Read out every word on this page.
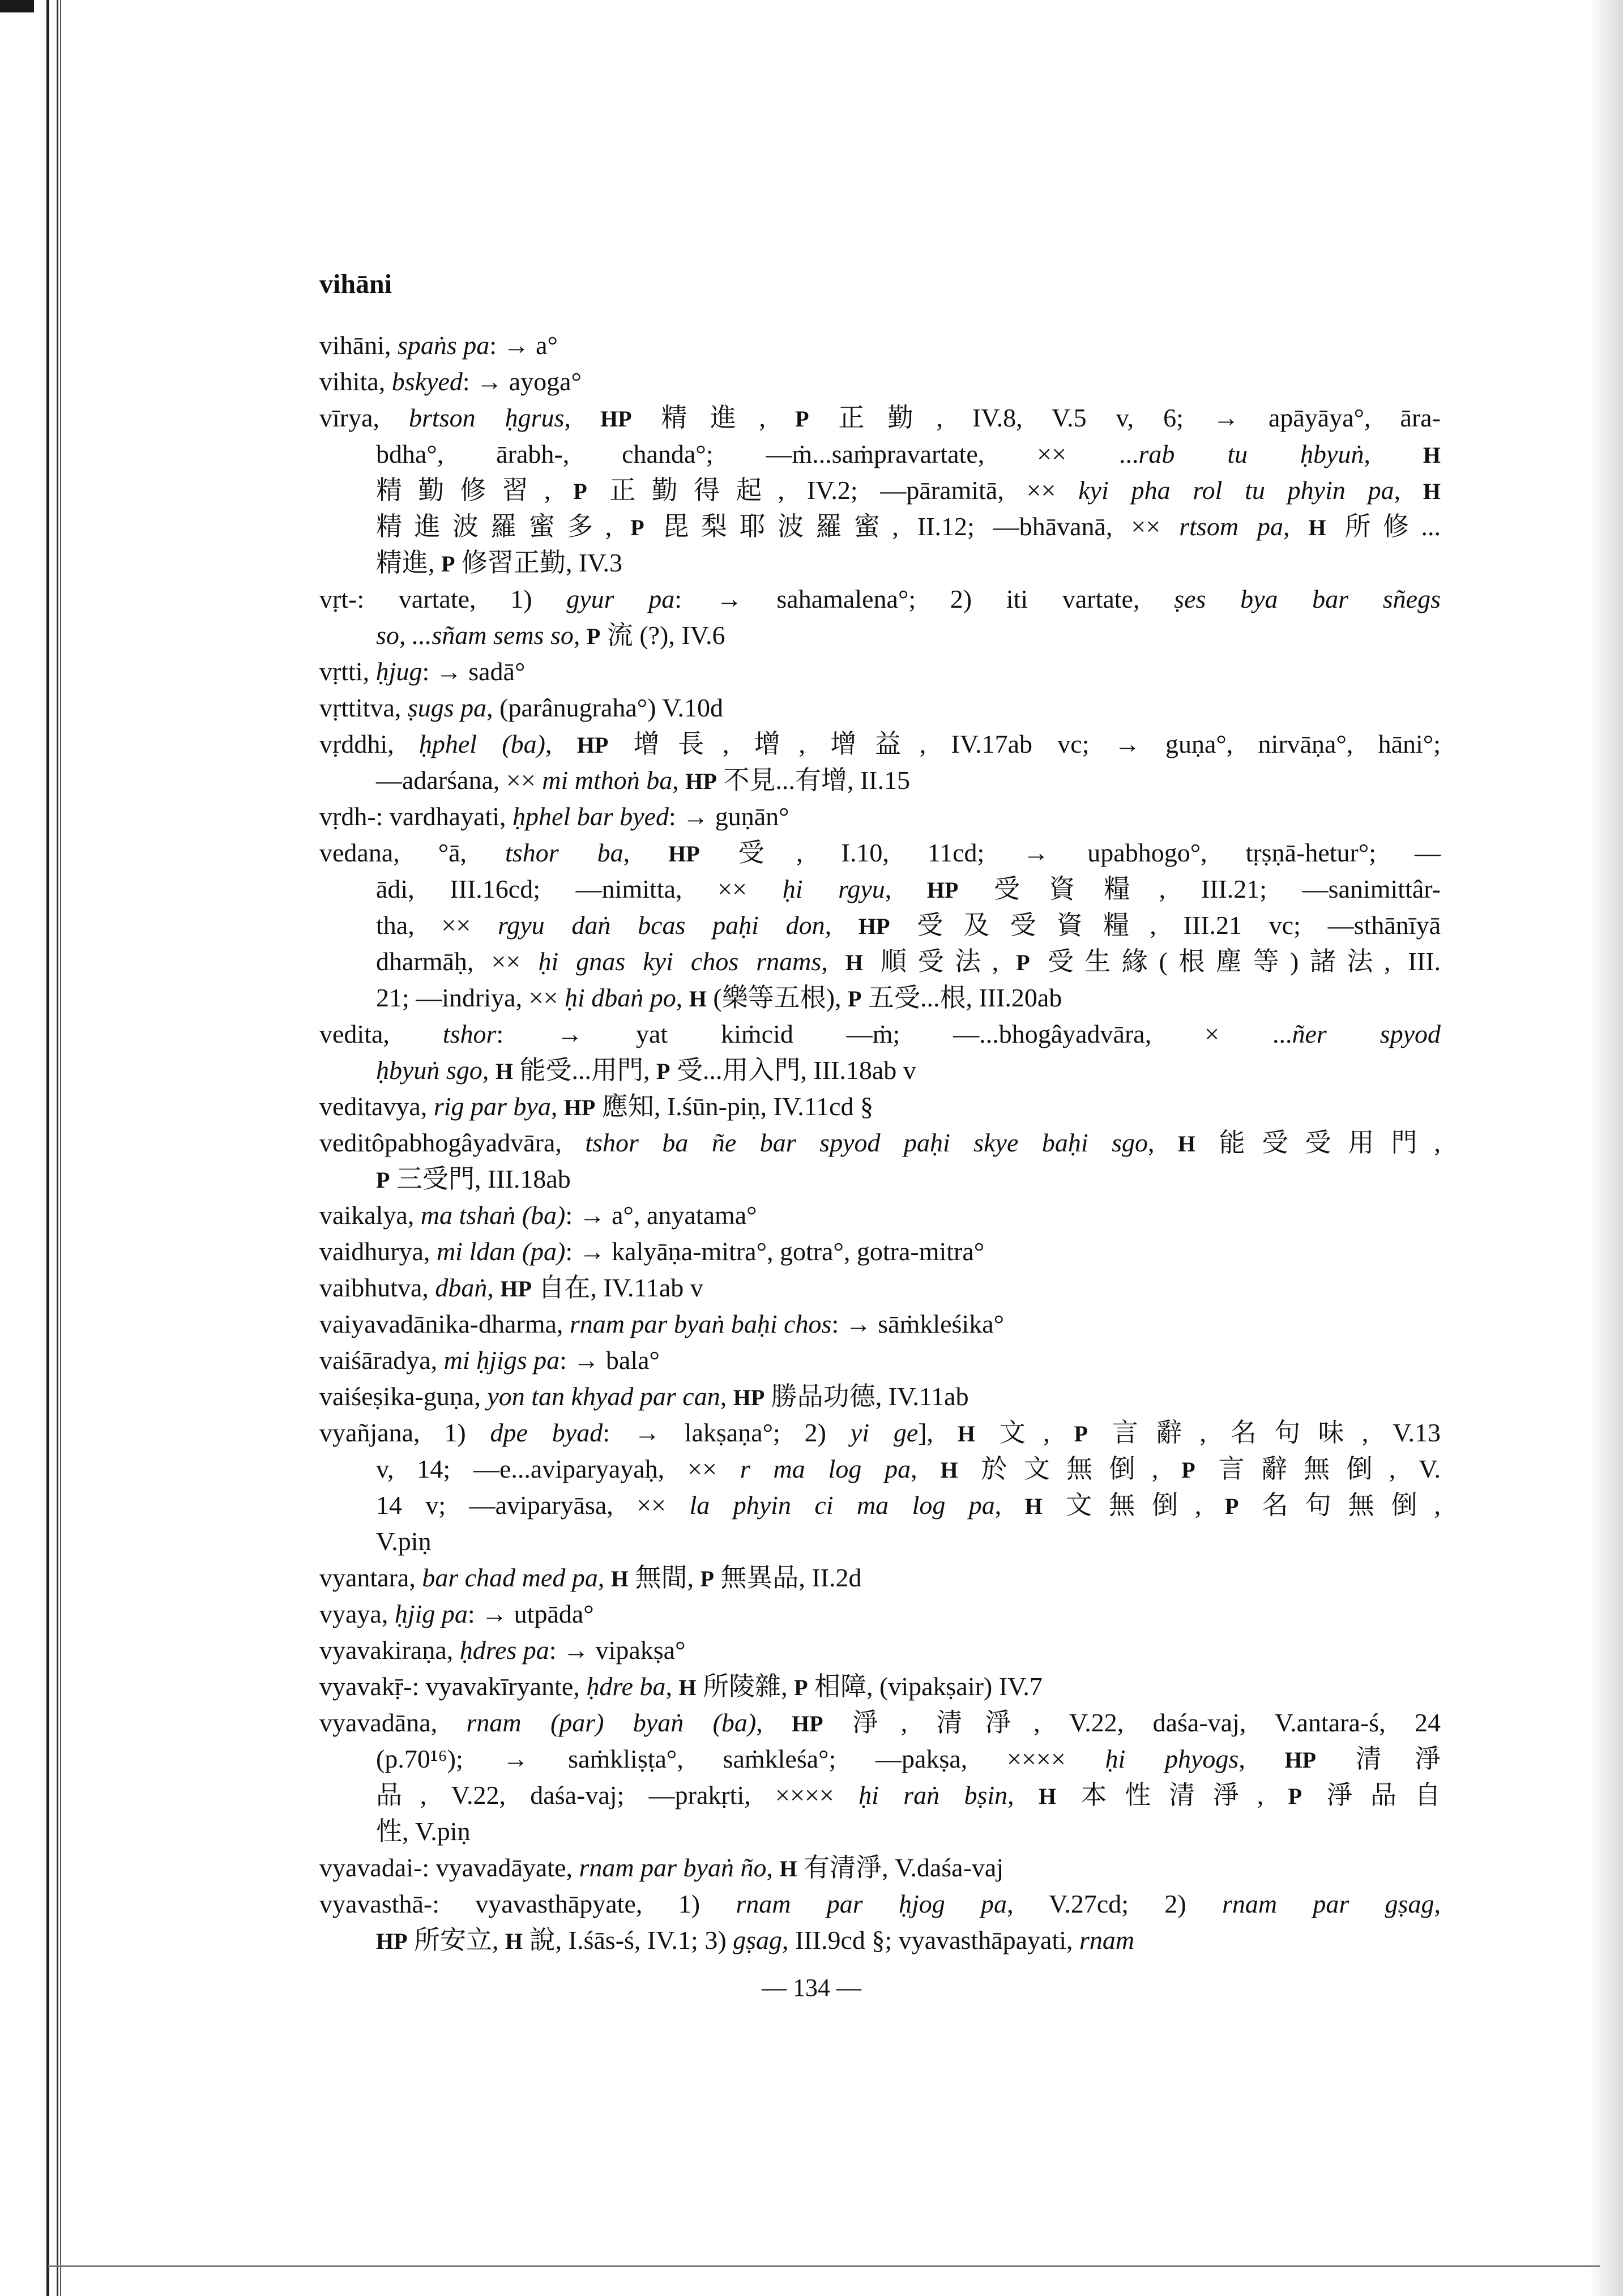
vihāni
vihāni, spaṅs pa: → a°
vihita, bskyed: → ayoga°
vīrya, brtson ḥgrus, HP 精進, P 正勤, IV.8, V.5 v, 6; → apāyāya°, āra-
bdha°, ārabh-, chanda°; —ṁ...saṁpravartate, ×× ...rab tu ḥbyuṅ, H
精勤修習, P 正勤得起, IV.2; —pāramitā, ×× kyi pha rol tu phyin pa, H
精進波羅蜜多, P 毘梨耶波羅蜜, II.12; —bhāvanā, ×× rtsom pa, H 所修...
精進, P 修習正勤, IV.3
vṛt-: vartate, 1) gyur pa: → sahamalena°; 2) iti vartate, ṣes bya bar sñegs
so, ...sñam sems so, P 流 (?), IV.6
vṛtti, ḥjug: → sadā°
vṛttitva, ṣugs pa, (parânugraha°) V.10d
vṛddhi, ḥphel (ba), HP 增長, 增, 增益, IV.17ab vc; → guṇa°, nirvāṇa°, hāni°;
—adarśana, ×× mi mthoṅ ba, HP 不見...有增, II.15
vṛdh-: vardhayati, ḥphel bar byed: → guṇān°
vedana, °ā, tshor ba, HP 受, I.10, 11cd; → upabhogo°, tṛṣṇā-hetur°; —
ādi, III.16cd; —nimitta, ×× ḥi rgyu, HP 受資糧, III.21; —sanimittâr-
tha, ×× rgyu daṅ bcas paḥi don, HP 受及受資糧, III.21 vc; —sthānīyā
dharmāḥ, ×× ḥi gnas kyi chos rnams, H 順受法, P 受生緣(根塵等)諸法, III.
21; —indriya, ×× ḥi dbaṅ po, H (樂等五根), P 五受...根, III.20ab
vedita, tshor: → yat kiṁcid —ṁ; —...bhogâyadvāra, × ...ñer spyod
ḥbyuṅ sgo, H 能受...用門, P 受...用入門, III.18ab v
veditavya, rig par bya, HP 應知, I.śūn-piṇ, IV.11cd §
veditôpabhogâyadvāra, tshor ba ñe bar spyod paḥi skye baḥi sgo, H 能受受用門,
P 三受門, III.18ab
vaikalya, ma tshaṅ (ba): → a°, anyatama°
vaidhurya, mi ldan (pa): → kalyāṇa-mitra°, gotra°, gotra-mitra°
vaibhutva, dbaṅ, HP 自在, IV.11ab v
vaiyavadānika-dharma, rnam par byaṅ baḥi chos: → sāṁkleśika°
vaiśāradya, mi ḥjigs pa: → bala°
vaiśeṣika-guṇa, yon tan khyad par can, HP 勝品功德, IV.11ab
vyañjana, 1) dpe byad: → lakṣaṇa°; 2) yi ge], H 文, P 言辭, 名句味, V.13
v, 14; —e...aviparyayaḥ, ×× r ma log pa, H 於文無倒, P 言辭無倒, V.
14 v; —aviparyāsa, ×× la phyin ci ma log pa, H 文無倒, P 名句無倒,
V.piṇ
vyantara, bar chad med pa, H 無間, P 無異品, II.2d
vyaya, ḥjig pa: → utpāda°
vyavakiraṇa, ḥdres pa: → vipakṣa°
vyavakṝ-: vyavakīryante, ḥdre ba, H 所陵雜, P 相障, (vipakṣair) IV.7
vyavadāna, rnam (par) byaṅ (ba), HP 淨, 清淨, V.22, daśa-vaj, V.antara-ś, 24
(p.70¹⁶); → saṁkliṣṭa°, saṁkleśa°; —pakṣa, ×××× ḥi phyogs, HP 清淨
品, V.22, daśa-vaj; —prakṛti, ×××× ḥi raṅ bṣin, H 本性清淨, P 淨品自
性, V.piṇ
vyavadai-: vyavadāyate, rnam par byaṅ ño, H 有清淨, V.daśa-vaj
vyavasthā-: vyavasthāpyate, 1) rnam par ḥjog pa, V.27cd; 2) rnam par gṣag,
HP 所安立, H 說, I.śās-ś, IV.1; 3) gṣag, III.9cd §; vyavasthāpayati, rnam
— 134 —
